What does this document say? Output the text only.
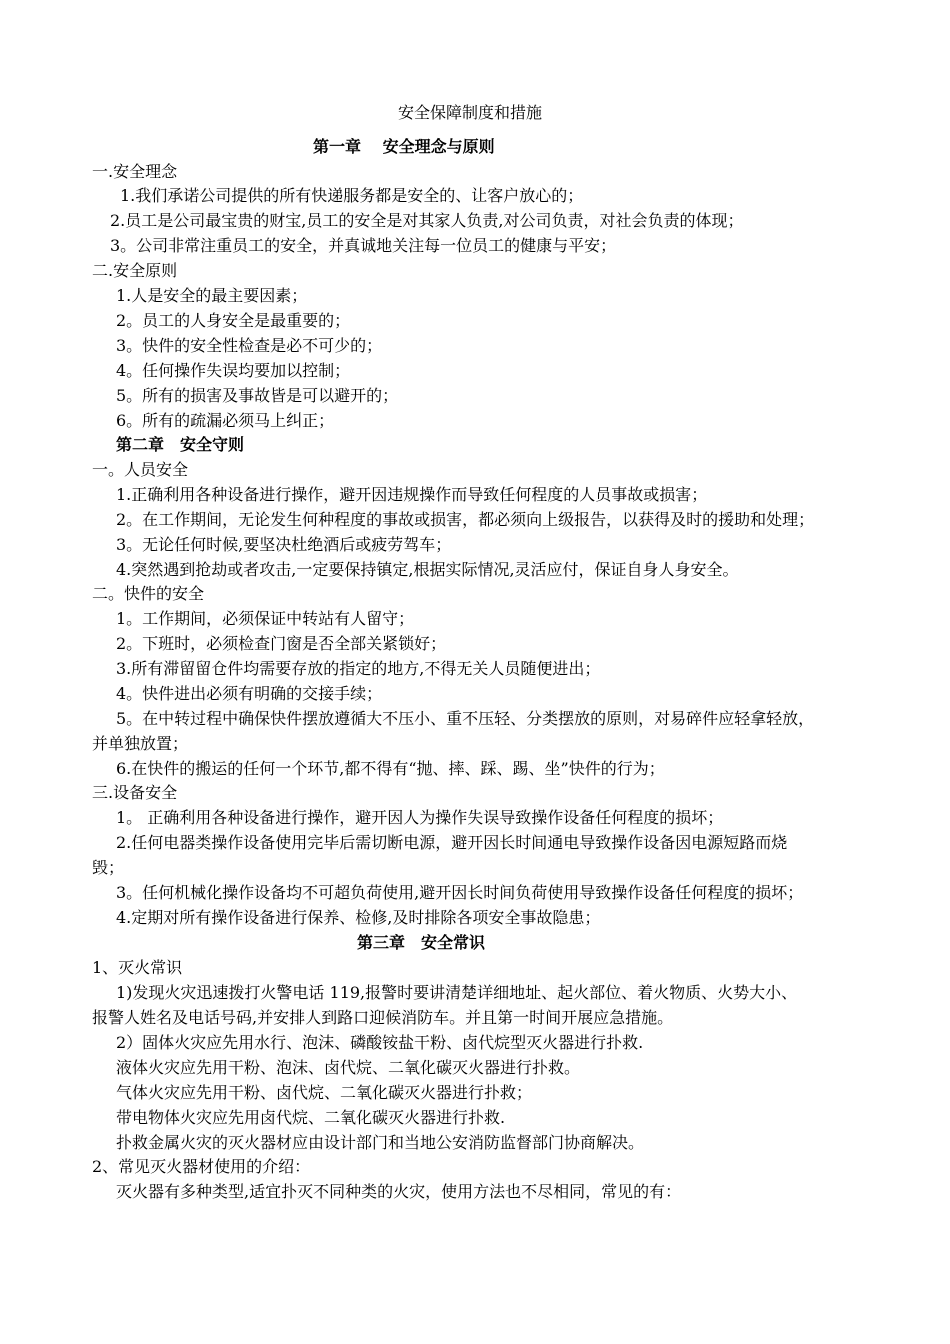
安全保障制度和措施
第一章　 安全理念与原则
一.安全理念
1.我们承诺公司提供的所有快递服务都是安全的、让客户放心的；
2.员工是公司最宝贵的财宝,员工的安全是对其家人负责,对公司负责，对社会负责的体现；
3。公司非常注重员工的安全，并真诚地关注每一位员工的健康与平安；
二.安全原则
1.人是安全的最主要因素；
2。员工的人身安全是最重要的；
3。快件的安全性检查是必不可少的；
4。任何操作失误均要加以控制；
5。所有的损害及事故皆是可以避开的；
6。所有的疏漏必须马上纠正；
第二章　安全守则
一。人员安全
1.正确利用各种设备进行操作，避开因违规操作而导致任何程度的人员事故或损害；
2。在工作期间，无论发生何种程度的事故或损害，都必须向上级报告，以获得及时的援助和处理；
3。无论任何时候,要坚决杜绝酒后或疲劳驾车；
4.突然遇到抢劫或者攻击,一定要保持镇定,根据实际情况,灵活应付，保证自身人身安全。
二。快件的安全
1。工作期间，必须保证中转站有人留守；
2。下班时，必须检查门窗是否全部关紧锁好；
3.所有滞留留仓件均需要存放的指定的地方,不得无关人员随便进出；
4。快件进出必须有明确的交接手续；
5。在中转过程中确保快件摆放遵循大不压小、重不压轻、分类摆放的原则，对易碎件应轻拿轻放，
并单独放置；
6.在快件的搬运的任何一个环节,都不得有“抛、摔、踩、踢、坐”快件的行为；
三.设备安全
1。 正确利用各种设备进行操作，避开因人为操作失误导致操作设备任何程度的损坏；
2.任何电器类操作设备使用完毕后需切断电源，避开因长时间通电导致操作设备因电源短路而烧
毁；
3。任何机械化操作设备均不可超负荷使用,避开因长时间负荷使用导致操作设备任何程度的损坏；
4.定期对所有操作设备进行保养、检修,及时排除各项安全事故隐患；
第三章　安全常识
1、灭火常识
1)发现火灾迅速拨打火警电话 119,报警时要讲清楚详细地址、起火部位、着火物质、火势大小、
报警人姓名及电话号码,并安排人到路口迎候消防车。并且第一时间开展应急措施。
2）固体火灾应先用水行、泡沫、磷酸铵盐干粉、卤代烷型灭火器进行扑救.
液体火灾应先用干粉、泡沫、卤代烷、二氧化碳灭火器进行扑救。
气体火灾应先用干粉、卤代烷、二氧化碳灭火器进行扑救；
带电物体火灾应先用卤代烷、二氧化碳灭火器进行扑救.
扑救金属火灾的灭火器材应由设计部门和当地公安消防监督部门协商解决。
2、常见灭火器材使用的介绍：
灭火器有多种类型,适宜扑灭不同种类的火灾，使用方法也不尽相同，常见的有：
